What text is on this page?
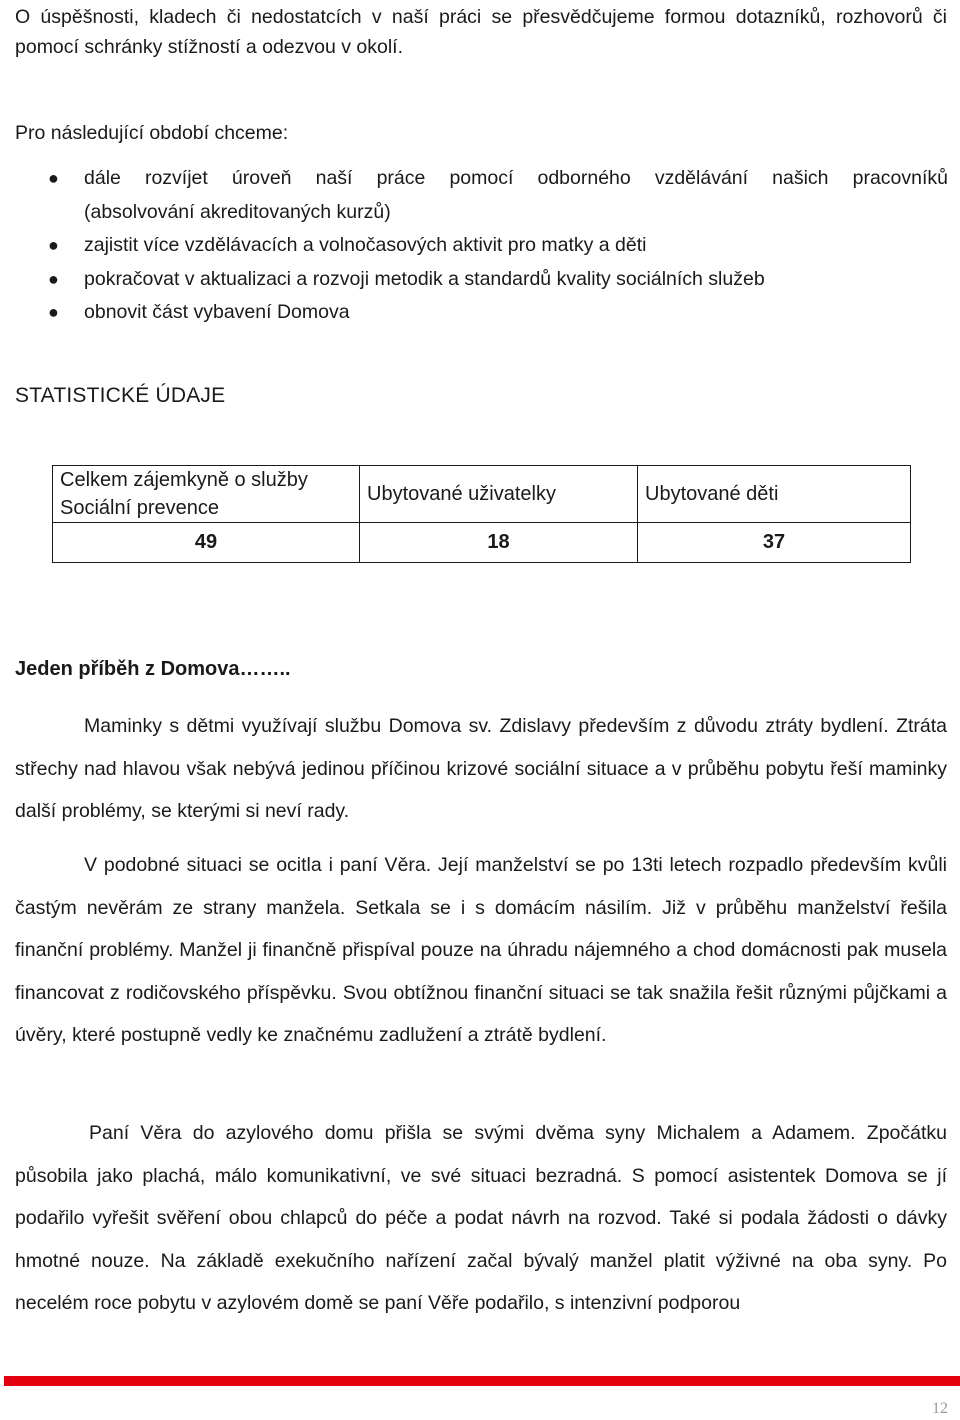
O úspěšnosti, kladech či nedostatcích v naší práci se přesvědčujeme formou dotazníků, rozhovorů či pomocí schránky stížností a odezvou v okolí.

Pro následující období chceme:

● dále rozvíjet úroveň naší práce pomocí odborného vzdělávání našich pracovníků
(absolvování akreditovaných kurzů)
● zajistit více vzdělávacích a volnočasových aktivit pro matky a děti
● pokračovat v aktualizaci a rozvoji metodik a standardů kvality sociálních služeb
● obnovit část vybavení Domova
STATISTICKÉ ÚDAJE
Celkem zájemkyně o služby
Sociální prevence	Ubytované uživatelky	Ubytované děti
49	18	37
Jeden příběh z Domova……..

Maminky s dětmi využívají službu Domova sv. Zdislavy především z důvodu ztráty bydlení. Ztráta střechy nad hlavou však nebývá jedinou příčinou krizové sociální situace a v průběhu pobytu řeší maminky další problémy, se kterými si neví rady.

V podobné situaci se ocitla i paní Věra. Její manželství se po 13ti letech rozpadlo především kvůli častým nevěrám ze strany manžela. Setkala se i s domácím násilím. Již v průběhu manželství řešila finanční problémy. Manžel ji finančně přispíval pouze na úhradu nájemného a chod domácnosti pak musela financovat z rodičovského příspěvku. Svou obtížnou finanční situaci se tak snažila řešit různými půjčkami a úvěry, které postupně vedly ke značnému zadlužení a ztrátě bydlení.

Paní Věra do azylového domu přišla se svými dvěma syny Michalem a Adamem. Zpočátku působila jako plachá, málo komunikativní, ve své situaci bezradná. S pomocí asistentek Domova se jí podařilo vyřešit svěření obou chlapců do péče a podat návrh na rozvod. Také si podala žádosti o dávky hmotné nouze. Na základě exekučního nařízení začal bývalý manžel platit výživné na oba syny. Po necelém roce pobytu v azylovém domě se paní Věře podařilo, s intenzivní podporou

12
